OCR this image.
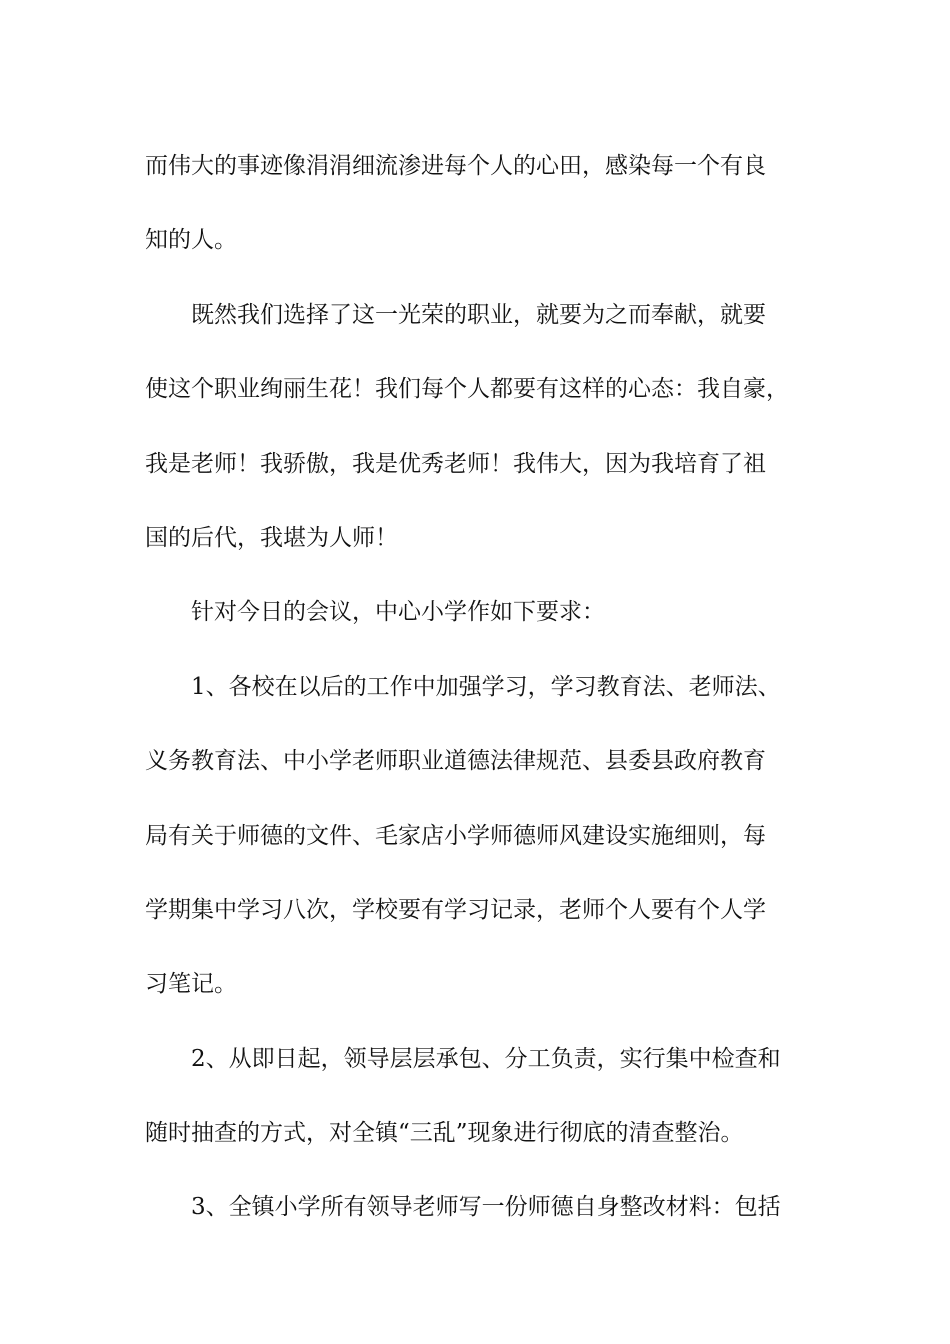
而伟大的事迹像涓涓细流渗进每个人的心田，感染每一个有良
知的人。

既然我们选择了这一光荣的职业，就要为之而奉献，就要
使这个职业绚丽生花！我们每个人都要有这样的心态：我自豪，
我是老师！我骄傲，我是优秀老师！我伟大，因为我培育了祖
国的后代，我堪为人师！

针对今日的会议，中心小学作如下要求：

1、各校在以后的工作中加强学习，学习教育法、老师法、
义务教育法、中小学老师职业道德法律规范、县委县政府教育
局有关于师德的文件、毛家店小学师德师风建设实施细则，每
学期集中学习八次，学校要有学习记录，老师个人要有个人学
习笔记。

2、从即日起，领导层层承包、分工负责，实行集中检查和
随时抽查的方式，对全镇“三乱”现象进行彻底的清查整治。

3、全镇小学所有领导老师写一份师德自身整改材料：包括
